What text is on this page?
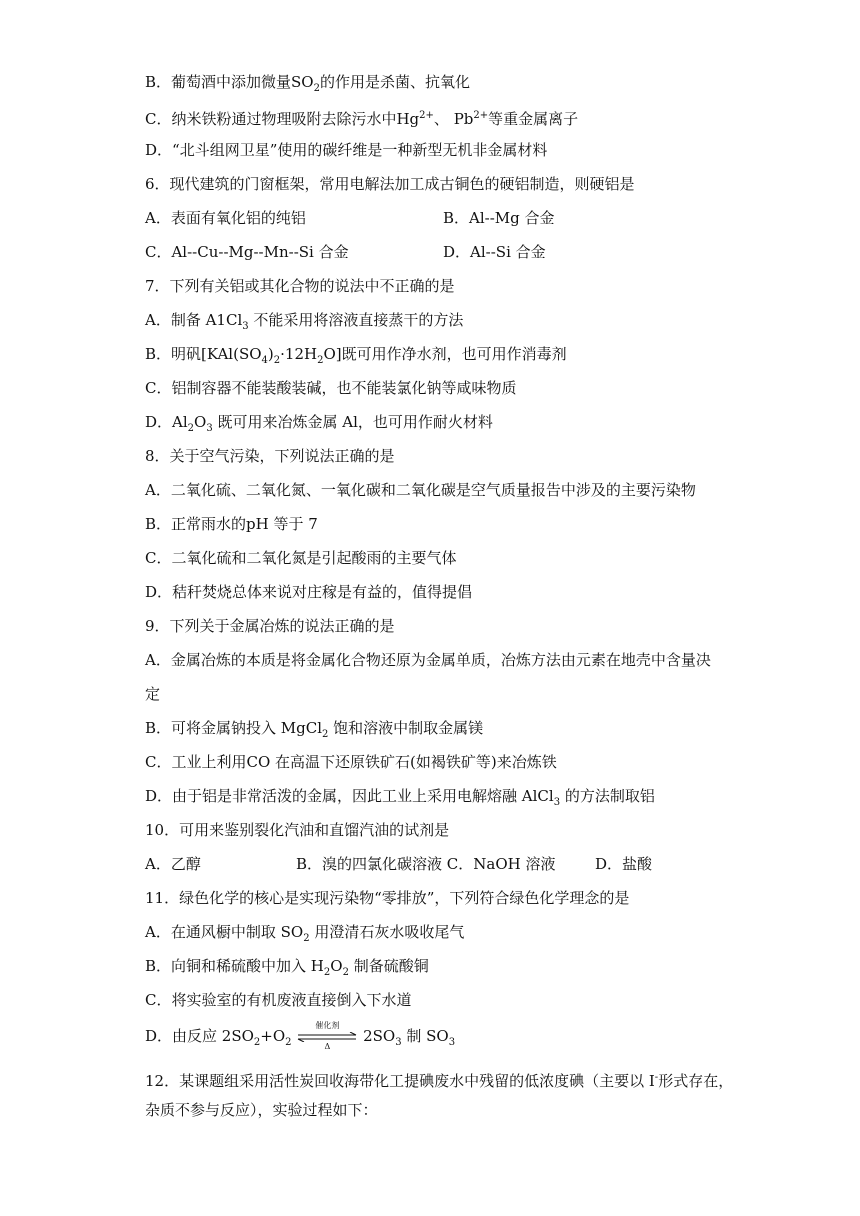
B．葡萄酒中添加微量$SO_2$的作用是杀菌、抗氧化
C．纳米铁粉通过物理吸附去除污水中$Hg^{2+}$、 $Pb^{2+}$等重金属离子
D．“北斗组网卫星”使用的碳纤维是一种新型无机非金属材料
6．现代建筑的门窗框架，常用电解法加工成古铜色的硬铝制造，则硬铝是
A．表面有氧化铝的纯铝	B．Al--Mg 合金
C．Al--Cu--Mg--Mn--Si 合金	D．Al--Si 合金
7．下列有关铝或其化合物的说法中不正确的是
A．制备 $A1Cl_3$ 不能采用将溶液直接蒸干的方法
B．明矾$[KAl(SO_4)_2\cdot 12H_2O]$既可用作净水剂，也可用作消毒剂
C．铝制容器不能装酸装碱，也不能装氯化钠等咸味物质
D．$Al_2O_3$ 既可用来冶炼金属 Al，也可用作耐火材料
8．关于空气污染，下列说法正确的是
A．二氧化硫、二氧化氮、一氧化碳和二氧化碳是空气质量报告中涉及的主要污染物
B．正常雨水的pH 等于 7
C．二氧化硫和二氧化氮是引起酸雨的主要气体
D．秸秆焚烧总体来说对庄稼是有益的，值得提倡
9．下列关于金属冶炼的说法正确的是
A．金属冶炼的本质是将金属化合物还原为金属单质，冶炼方法由元素在地壳中含量决
定
B．可将金属钠投入 MgCl$_2$ 饱和溶液中制取金属镁
C．工业上利用CO 在高温下还原铁矿石(如褐铁矿等)来冶炼铁
D．由于铝是非常活泼的金属，因此工业上采用电解熔融 AlCl$_3$ 的方法制取铝
10．可用来鉴别裂化汽油和直馏汽油的试剂是
A．乙醇	B．溴的四氯化碳溶液 C．NaOH 溶液	D．盐酸
11．绿色化学的核心是实现污染物“零排放”，下列符合绿色化学理念的是
A．在通风橱中制取 $SO_2$ 用澄清石灰水吸收尾气
B．向铜和稀硫酸中加入 $H_2O_2$ 制备硫酸铜
C．将实验室的有机废液直接倒入下水道
D．由反应 $2SO_2+O_2$
催化剂
Δ
$2SO_3$ 制 $SO_3$
12．某课题组采用活性炭回收海带化工提碘废水中残留的低浓度碘（主要以 I-形式存在，
杂质不参与反应），实验过程如下：
